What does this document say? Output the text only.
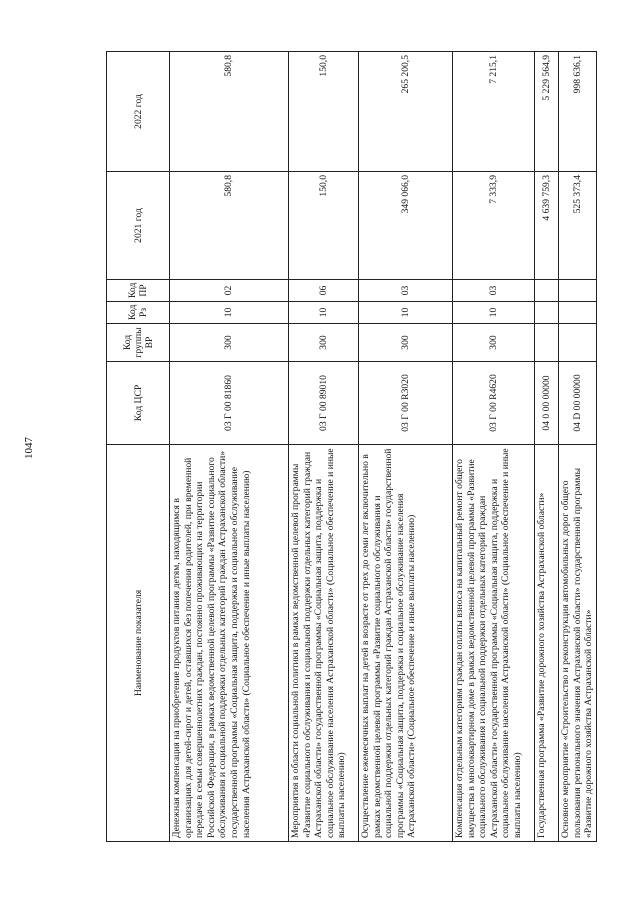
1047
Наименование показателя	Код ЦСР	Код группы ВР	Код Рз	Код ПР	2021 год	2022 год
Денежная компенсация на приобретение продуктов питания детям, находящимся в организациях для детей-сирот и детей, оставшихся без попечения родителей, при временной передаче в семьи совершеннолетних граждан, постоянно проживающих на территории Российской Федерации, в рамках ведомственной целевой программы «Развитие социального обслуживания и социальной поддержки отдельных категорий граждан Астраханской области» государственной программы «Социальная защита, поддержка и социальное обслуживание населения Астраханской области» (Социальное обеспечение и иные выплаты населению)	03 Г 00 81860	300	10	02	580,8	580,8
Мероприятия в области социальной политики в рамках ведомственной целевой программы «Развитие социального обслуживания и социальной поддержки отдельных категорий граждан Астраханской области» государственной программы «Социальная защита, поддержка и социальное обслуживание населения Астраханской области» (Социальное обеспечение и иные выплаты населению)	03 Г 00 89010	300	10	06	150,0	150,0
Осуществление ежемесячных выплат на детей в возрасте от трех до семи лет включительно в рамках ведомственной целевой программы «Развитие социального обслуживания и социальной поддержки отдельных категорий граждан Астраханской области» государственной программы «Социальная защита, поддержка и социальное обслуживание населения Астраханской области» (Социальное обеспечение и иные выплаты населению)	03 Г 00 R3020	300	10	03	349 066,0	265 200,5
Компенсация отдельным категориям граждан оплаты взноса на капитальный ремонт общего имущества в многоквартирном доме в рамках ведомственной целевой программы «Развитие социального обслуживания и социальной поддержки отдельных категорий граждан Астраханской области» государственной программы «Социальная защита, поддержка и социальное обслуживание населения Астраханской области» (Социальное обеспечение и иные выплаты населению)	03 Г 00 R4620	300	10	03	7 333,9	7 215,1
Государственная программа «Развитие дорожного хозяйства Астраханской области»	04 0 00 00000				4 639 759,3	5 229 564,9
Основное мероприятие «Строительство и реконструкция автомобильных дорог общего пользования регионального значения Астраханской области» государственной программы «Развитие дорожного хозяйства Астраханской области»	04 D 00 00000				525 373,4	998 636,1
